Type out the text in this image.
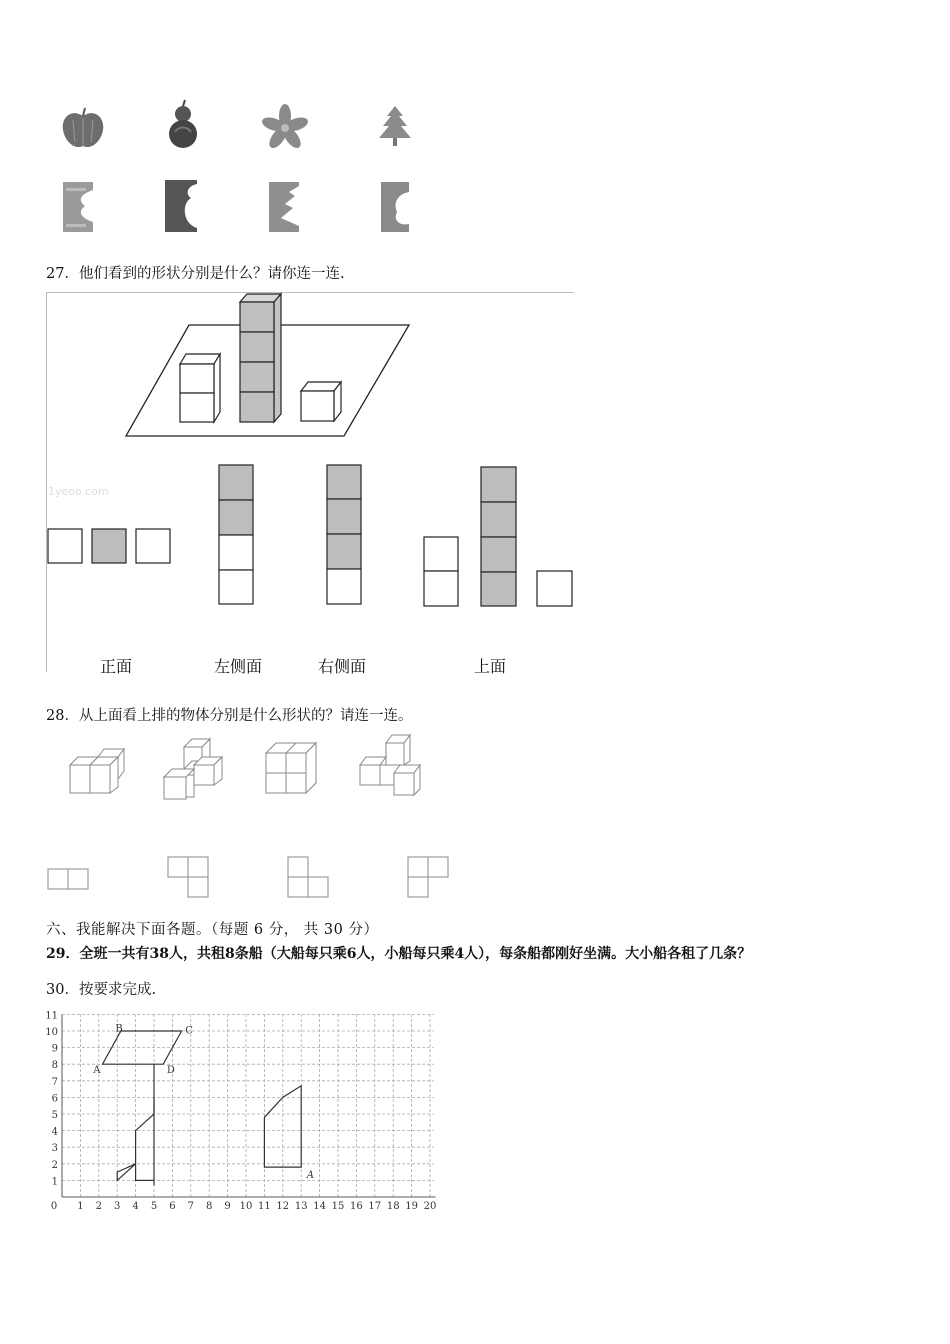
27．他们看到的形状分别是什么？请你连一连.
1yeoo.com
正面	左侧面	右侧面	上面
28．从上面看上排的物体分别是什么形状的？请连一连。
六、我能解决下面各题。（每题 6 分， 共 30 分）
29．全班一共有38人，共租8条船（大船每只乘6人，小船每只乘4人），每条船都刚好坐满。大小船各租了几条？
30．按要求完成.
0 1 2 3 4 5 6 7 8 9 10 11 12 13 14 15 16 17 18 19 20
1
2
3
4
5
6
7
8
9
10
11
A
B	C
D
A
